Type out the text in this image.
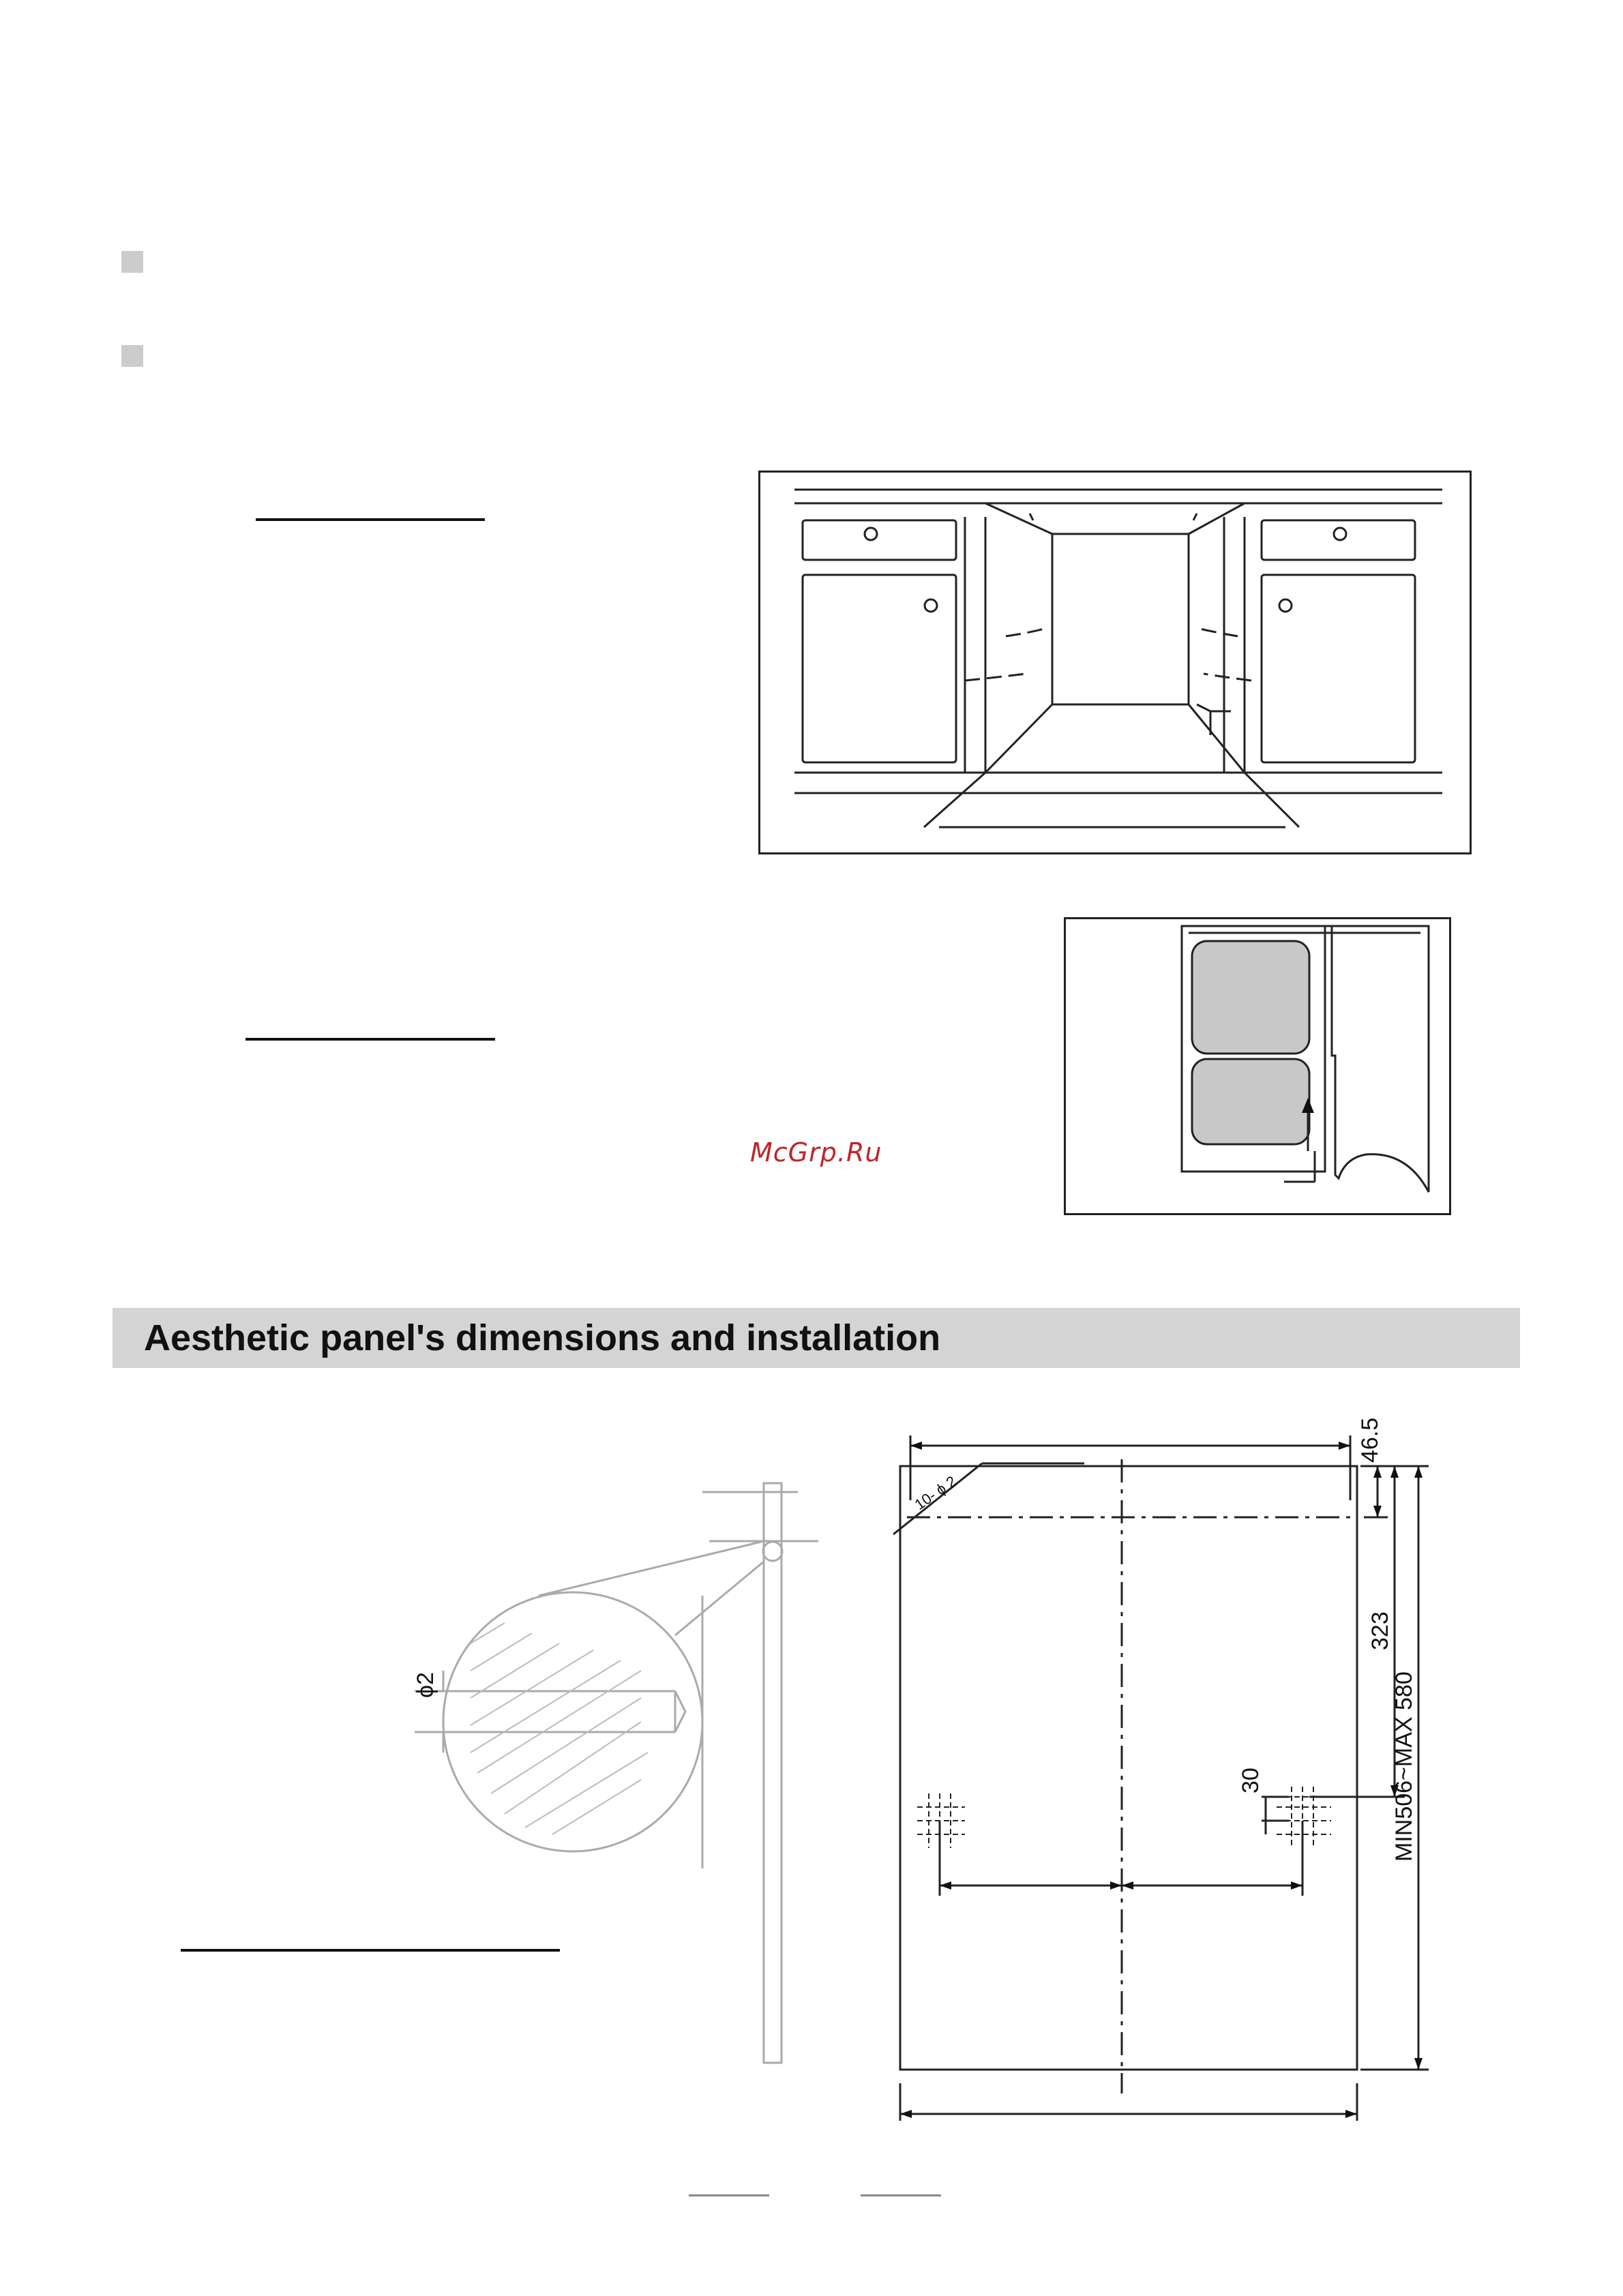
McGrp.Ru
Aesthetic panel's dimensions and installation
ϕ2
46.5
10- ϕ 2
323
MIN506~MAX 580
30
